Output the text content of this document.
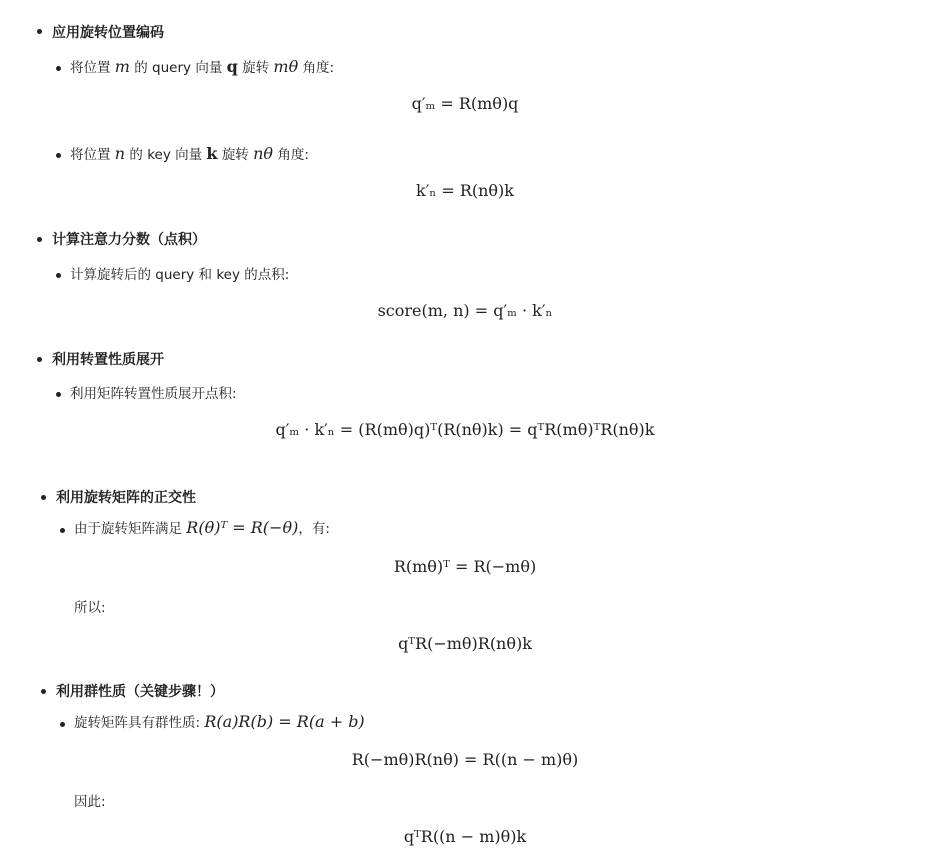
应用旋转位置编码
将位置 m 的 query 向量 q 旋转 mθ 角度:
q′ₘ = R(mθ)q
将位置 n 的 key 向量 k 旋转 nθ 角度:
k′ₙ = R(nθ)k
计算注意力分数（点积）
计算旋转后的 query 和 key 的点积:
score(m, n) = q′ₘ · k′ₙ
利用转置性质展开
利用矩阵转置性质展开点积:
q′ₘ · k′ₙ = (R(mθ)q)ᵀ(R(nθ)k) = qᵀR(mθ)ᵀR(nθ)k
利用旋转矩阵的正交性
由于旋转矩阵满足 R(θ)ᵀ = R(−θ)，有:
R(mθ)ᵀ = R(−mθ)
所以:
qᵀR(−mθ)R(nθ)k
利用群性质（关键步骤！）
旋转矩阵具有群性质: R(a)R(b) = R(a + b)
R(−mθ)R(nθ) = R((n − m)θ)
因此:
qᵀR((n − m)θ)k
